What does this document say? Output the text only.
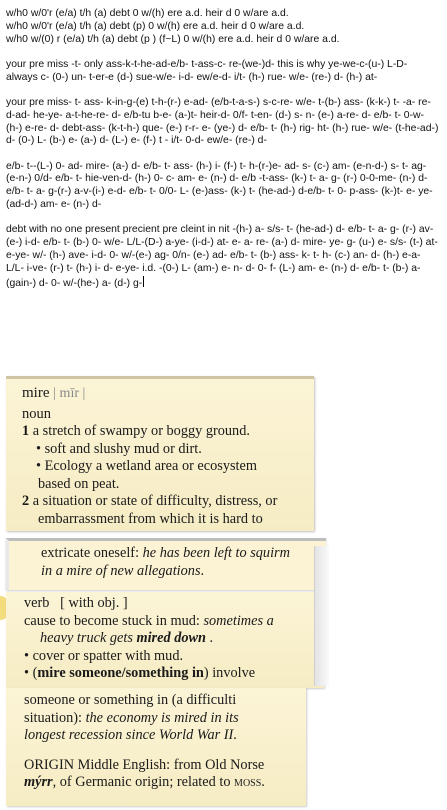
w/h0 w/0'r (e/a) t/h (a) debt 0 w/(h) ere a.d. heir d 0 w/are a.d.
w/h0 w/0'r (e/a) t/h (a) debt (p) 0 w/(h) ere a.d. heir d 0 w/are a.d.
w/h0 w/(0) r (e/a) t/h (a) debt (p ) (f~L) 0 w/(h) ere a.d. heir d 0 w/are a.d.

your pre miss -t- only ass-k-t-he-ad-e/b- t-ass-c- re-(we-)d- this is why ye-we-c-(u-) L-D- always c- (0-) un- t-er-e (d-) sue-w/e- i-d- ew/e-d- i/t- (h-) rue- w/e- (re-) d- (h-) at-

your pre miss- t- ass- k-in-g-(e) t-h-(r-) e-ad- (e/b-t-a-s-) s-c-re- w/e- t-(b-) ass- (k-k-) t- -a- re- d-ad- he-ye- a-t-he-re- d- e/b-tu b-e- (a-)t- heir-d- 0/f- t-en- (d-) s- n- (e-) a-re- d- e/b- t- 0-w- (h-) e-re- d- debt-ass- (k-t-h-) que- (e-) r-r- e- (ye-) d- e/b- t- (h-) rig- ht- (h-) rue- w/e- (t-he-ad-) d- (0-) L- (b-) e- (a-) d- (L-) e- (f-) t - i/t- 0-d- ew/e- (re-) d-

e/b- t--(L-) 0- ad- mire- (a-) d- e/b- t- ass- (h-) i- (f-) t- h-(r-)e- ad- s- (c-) am- (e-n-d-) s- t- ag- (e-n-) 0/d- e/b- t- hie-ven-d- (h-) 0- c- am- e- (n-) d- e/b -t-ass- (k-) t- a- g- (r-) 0-0-me- (n-) d- e/b- t- a- g-(r-) a-v-(i-) e-d- e/b- t- 0/0- L- (e-)ass- (k-) t- (he-ad-) d-e/b- t- 0- p-ass- (k-)t- e- ye- (ad-d-) am- e- (n-) d-

debt with no one present precient pre cleint in nit -(h-) a- s/s- t- (he-ad-) d- e/b- t- a- g- (r-) av-(e-) i-d- e/b- t- (b-) 0- w/e- L/L-(D-) a-ye- (i-d-) at- e- a- re- (a-) d- mire- ye- g- (u-) e- s/s- (t-) at- e-ye- w/- (h-) ave- i-d- 0- w/-(e-) ag- 0/n- (e-) ad- e/b- t- (b-) ass- k- t- h- (c-) an- d- (h-) e-a- L/L- i-ve- (r-) t- (h-) i- d- e-ye- i.d. -(0-) L- (am-) e- n- d- 0- f- (L-) am- e- (n-) d- e/b- t- (b-) a- (gain-) d- 0- w/-(he-) a- (d-) g-

mire | mīr |
noun
1 a stretch of swampy or boggy ground.
• soft and slushy mud or dirt.
• Ecology a wetland area or ecosystem
based on peat.
2 a situation or state of difficulty, distress, or
embarrassment from which it is hard to
extricate oneself: he has been left to squirm
in a mire of new allegations.
verb [ with obj. ]
cause to become stuck in mud: sometimes a
heavy truck gets mired down .
• cover or spatter with mud.
• (mire someone/something in) involve

someone or something in (a difficulti
situation): the economy is mired in its
longest recession since World War II.
ORIGIN Middle English: from Old Norse
mýrr, of Germanic origin; related to moss.
